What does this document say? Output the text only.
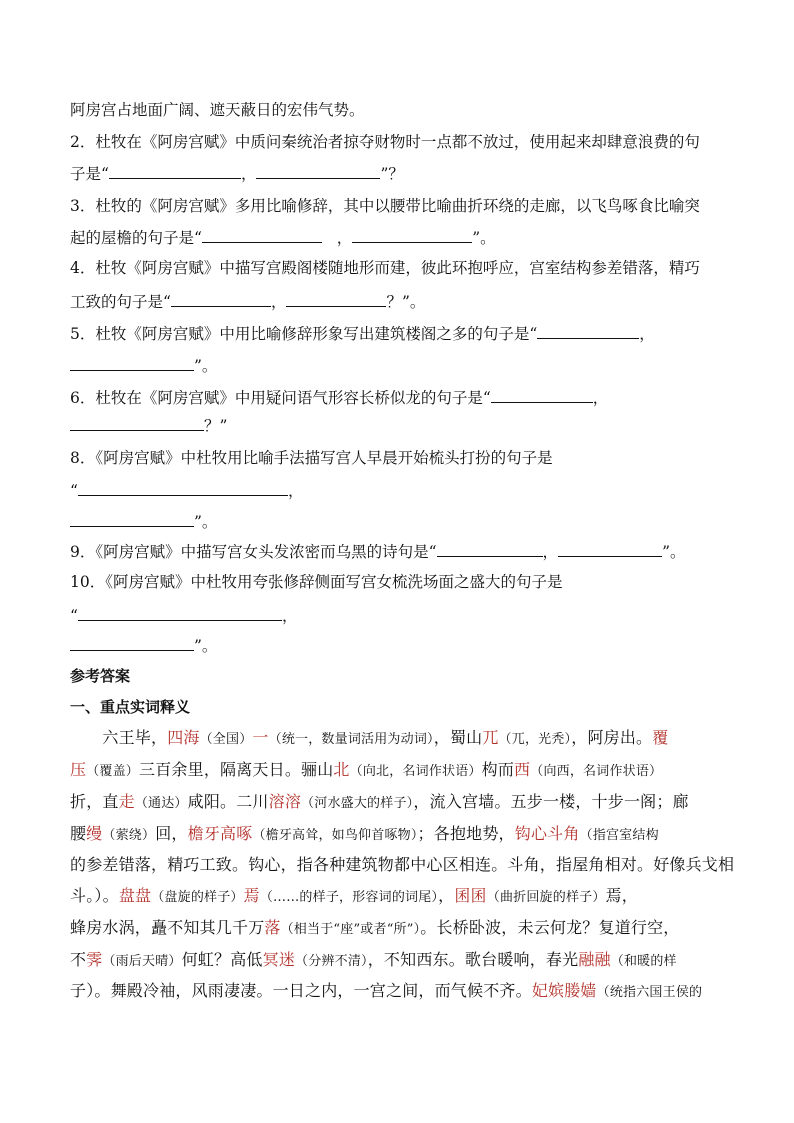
阿房宫占地面广阔、遮天蔽日的宏伟气势。
2．杜牧在《阿房宫赋》中质问秦统治者掠夺财物时一点都不放过，使用起来却肆意浪费的句
子是“	，	”？
3．杜牧的《阿房宫赋》多用比喻修辞，其中以腰带比喻曲折环绕的走廊，以飞鸟啄食比喻突
起的屋檐的句子是“	，	”。
4．杜牧《阿房宫赋》中描写宫殿阁楼随地形而建，彼此环抱呼应，宫室结构参差错落，精巧
工致的句子是“	，	？”。
5．杜牧《阿房宫赋》中用比喻修辞形象写出建筑楼阁之多的句子是“	，
”。
6．杜牧在《阿房宫赋》中用疑问语气形容长桥似龙的句子是“	，
？”
8．《阿房宫赋》中杜牧用比喻手法描写宫人早晨开始梳头打扮的句子是
“	，
”。
9．《阿房宫赋》中描写宫女头发浓密而乌黑的诗句是“	，	”。
10．《阿房宫赋》中杜牧用夸张修辞侧面写宫女梳洗场面之盛大的句子是
“	，
”。
参考答案
一、重点实词释义
　　六王毕，四海（全国）一（统一，数量词活用为动词），蜀山兀（兀，光秃），阿房出。覆
压（覆盖）三百余里，隔离天日。骊山北（向北，名词作状语）构而西（向西，名词作状语）
折，直走（通达）咸阳。二川溶溶（河水盛大的样子），流入宫墙。五步一楼，十步一阁；廊
腰缦（萦绕）回，檐牙高啄（檐牙高耸，如鸟仰首啄物）；各抱地势，钩心斗角（指宫室结构
的参差错落，精巧工致。钩心，指各种建筑物都中心区相连。斗角，指屋角相对。好像兵戈相
斗。）。盘盘（盘旋的样子）焉（……的样子，形容词的词尾），囷囷（曲折回旋的样子）焉，
蜂房水涡，矗不知其几千万落（相当于“座”或者“所”）。长桥卧波，未云何龙？复道行空，
不霁（雨后天晴）何虹？高低冥迷（分辨不清），不知西东。歌台暖响，春光融融（和暖的样
子）。舞殿冷袖，风雨凄凄。一日之内，一宫之间，而气候不齐。妃嫔媵嫱（统指六国王侯的
